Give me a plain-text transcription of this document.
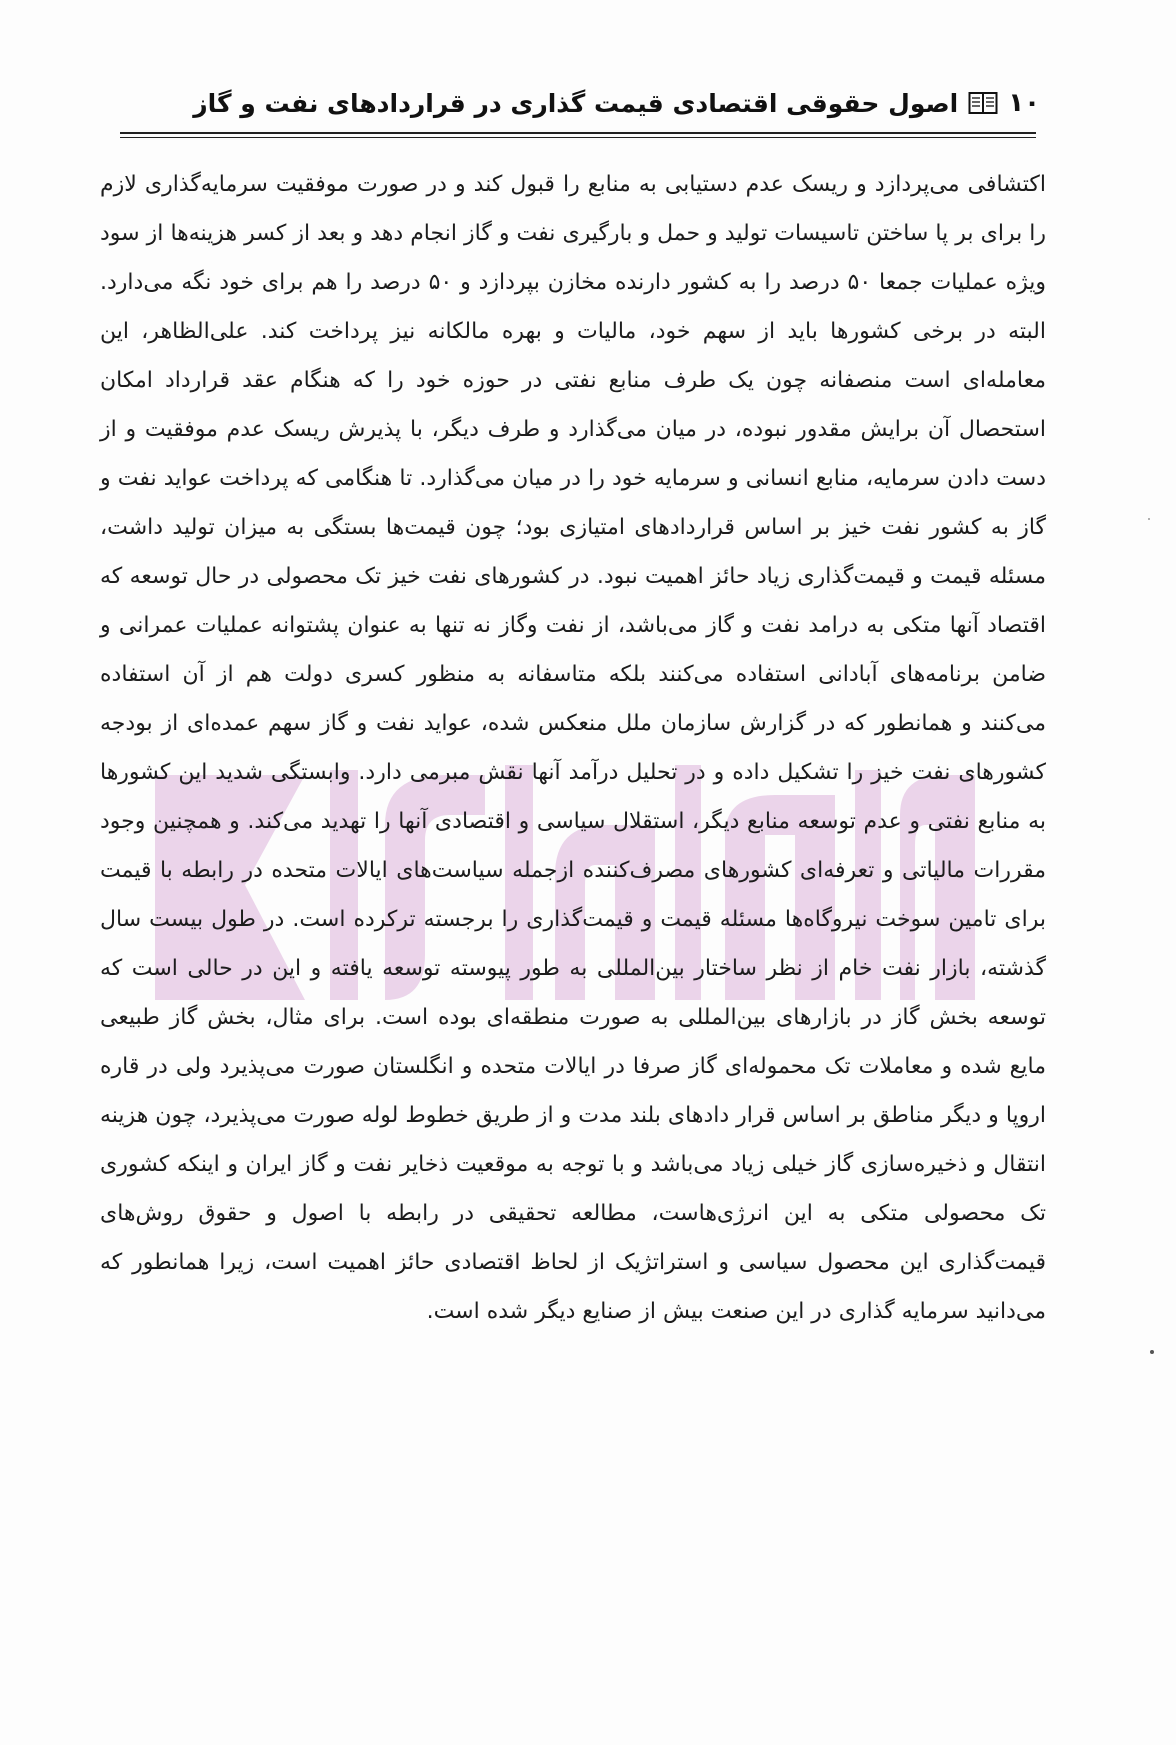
۱۰
اصول حقوقی اقتصادی قیمت گذاری در قراردادهای نفت و گاز

اکتشافی می‌پردازد و ریسک عدم دستیابی به منابع را قبول کند و در صورت موفقیت سرمایه‌گذاری لازم را برای بر پا ساختن تاسیسات تولید و حمل و بارگیری نفت و گاز انجام دهد و بعد از کسر هزینه‌ها از سود ویژه عملیات جمعا ۵۰ درصد را به کشور دارنده مخازن بپردازد و ۵۰ درصد را هم برای خود نگه می‌دارد. البته در برخی کشورها باید از سهم خود، مالیات و بهره مالکانه نیز پرداخت کند. علی‌الظاهر، این معامله‌ای است منصفانه چون یک طرف منابع نفتی در حوزه خود را که هنگام عقد قرارداد امکان استحصال آن برایش مقدور نبوده، در میان می‌گذارد و طرف دیگر، با پذیرش ریسک عدم موفقیت و از دست دادن سرمایه، منابع انسانی و سرمایه خود را در میان می‌گذارد. تا هنگامی که پرداخت عواید نفت و گاز به کشور نفت خیز بر اساس قراردادهای امتیازی بود؛ چون قیمت‌ها بستگی به میزان تولید داشت، مسئله قیمت و قیمت‌گذاری زیاد حائز اهمیت نبود. در کشورهای نفت خیز تک محصولی در حال توسعه که اقتصاد آنها متکی به درامد نفت و گاز می‌باشد، از نفت وگاز نه تنها به عنوان پشتوانه عملیات عمرانی و ضامن برنامه‌های آبادانی استفاده می‌کنند بلکه متاسفانه به منظور کسری دولت هم از آن استفاده می‌کنند و همانطور که در گزارش سازمان ملل منعکس شده، عواید نفت و گاز سهم عمده‌ای از بودجه کشورهای نفت خیز را تشکیل داده و در تحلیل درآمد آنها نقش مبرمی دارد. وابستگی شدید این کشورها به منابع نفتی و عدم توسعه منابع دیگر، استقلال سیاسی و اقتصادی آنها را تهدید می‌کند. و همچنین وجود مقررات مالیاتی و تعرفه‌ای کشورهای مصرف‌کننده ازجمله سیاست‌های ایالات متحده در رابطه با قیمت برای تامین سوخت نیروگاه‌ها مسئله قیمت و قیمت‌گذاری را برجسته ترکرده است. در طول بیست سال گذشته، بازار نفت خام از نظر ساختار بین‌المللی به طور پیوسته توسعه یافته و این در حالی است که توسعه بخش گاز در بازارهای بین‌المللی به صورت منطقه‌ای بوده است. برای مثال، بخش گاز طبیعی مایع شده و معاملات تک محموله‌ای گاز صرفا در ایالات متحده و انگلستان صورت می‌پذیرد ولی در قاره اروپا و دیگر مناطق بر اساس قرار دادهای بلند مدت و از طریق خطوط لوله صورت می‌پذیرد، چون هزینه انتقال و ذخیره‌سازی گاز خیلی زیاد می‌باشد و با توجه به موقعیت ذخایر نفت و گاز ایران و اینکه کشوری تک محصولی متکی به این انرژی‌هاست، مطالعه تحقیقی در رابطه با اصول و حقوق روش‌های قیمت‌گذاری این محصول سیاسی و استراتژیک از لحاظ اقتصادی حائز اهمیت است، زیرا همانطور که می‌دانید سرمایه گذاری در این صنعت بیش از صنایع دیگر شده است.
